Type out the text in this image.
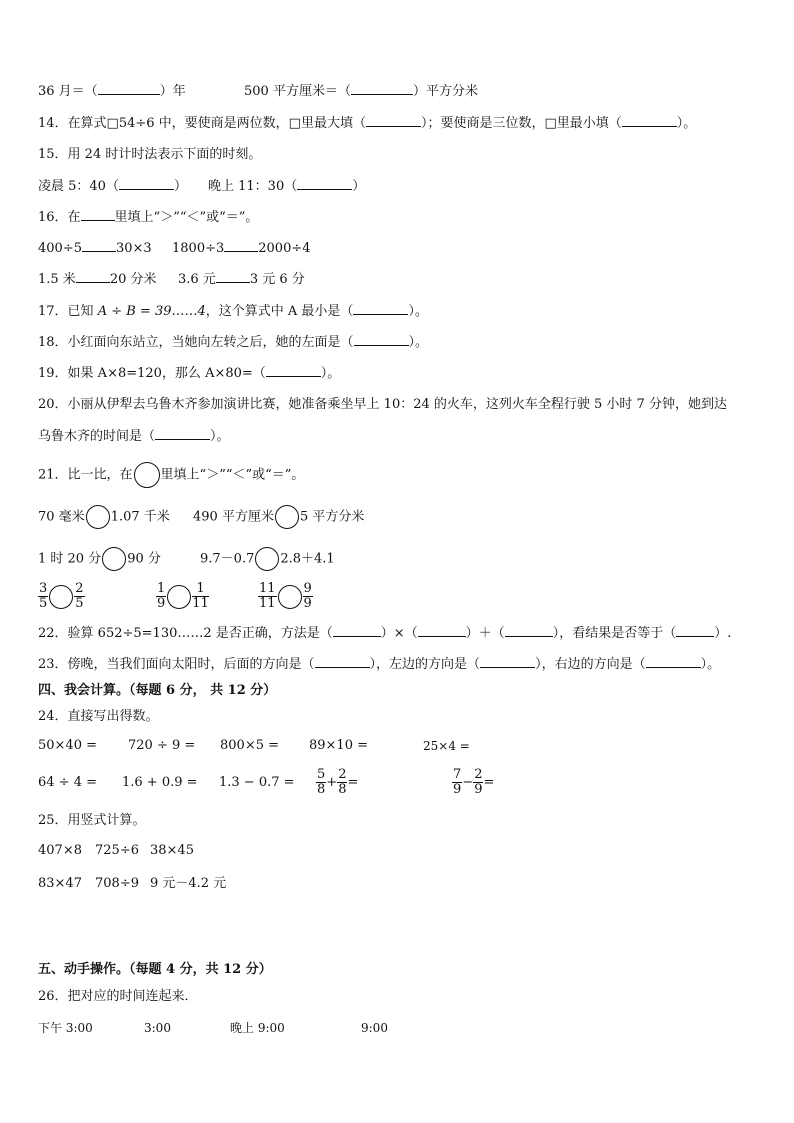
36 月＝（	）年	500 平方厘米＝（	）平方分米
14．在算式□54÷6 中，要使商是两位数，□里最大填（	）；要使商是三位数，□里最小填（	）。
15．用 24 时计时法表示下面的时刻。
凌晨 5：40（	） 晚上 11：30（	）
16．在	里填上“＞”“＜”或“＝”。
400÷5	30×3 1800÷3	2000÷4
1.5 米	20 分米 3.6 元	3 元 6 分
17．已知 A ÷ B = 39……4，这个算式中 A 最小是（	）。
18．小红面向东站立，当她向左转之后，她的左面是（	）。
19．如果 A×8=120，那么 A×80=（	）。
20．小丽从伊犁去乌鲁木齐参加演讲比赛，她准备乘坐早上 10：24 的火车，这列火车全程行驶 5 小时 7 分钟，她到达
乌鲁木齐的时间是（	）。
21．比一比，在 里填上“＞”“＜”或“＝”。
70 毫米 1.07 千米 490 平方厘米 5 平方分米
1 时 20 分 90 分	9.7－0.7 2.8＋4.1
$\frac{3}{5} \frac{2}{5}$	$\frac{1}{9} \frac{1}{11}$	$\frac{11}{11} \frac{9}{9}$
22．验算 652÷5=130……2 是否正确，方法是（	）×（	）＋（	），看结果是否等于（	）.
23．傍晚，当我们面向太阳时，后面的方向是（	），左边的方向是（	），右边的方向是（	）。
四、我会计算。（每题 6 分， 共 12 分）
24．直接写出得数。
50×40 = 720 ÷ 9 = 800×5 = 89×10 =	25×4 =
$64 \div 4 = 1.6 + 0.9 = 1.3 - 0.7 = \frac{5}{8} + \frac{2}{8}$ =	$\frac{7}{9} - \frac{2}{9}$ =
25．用竖式计算。
407×8 725÷6 38×45
83×47 708÷9 9 元－4.2 元
五、动手操作。（每题 4 分，共 12 分）
26．把对应的时间连起来．
下午 3:00	3:00	晚上 9:00	9:00
